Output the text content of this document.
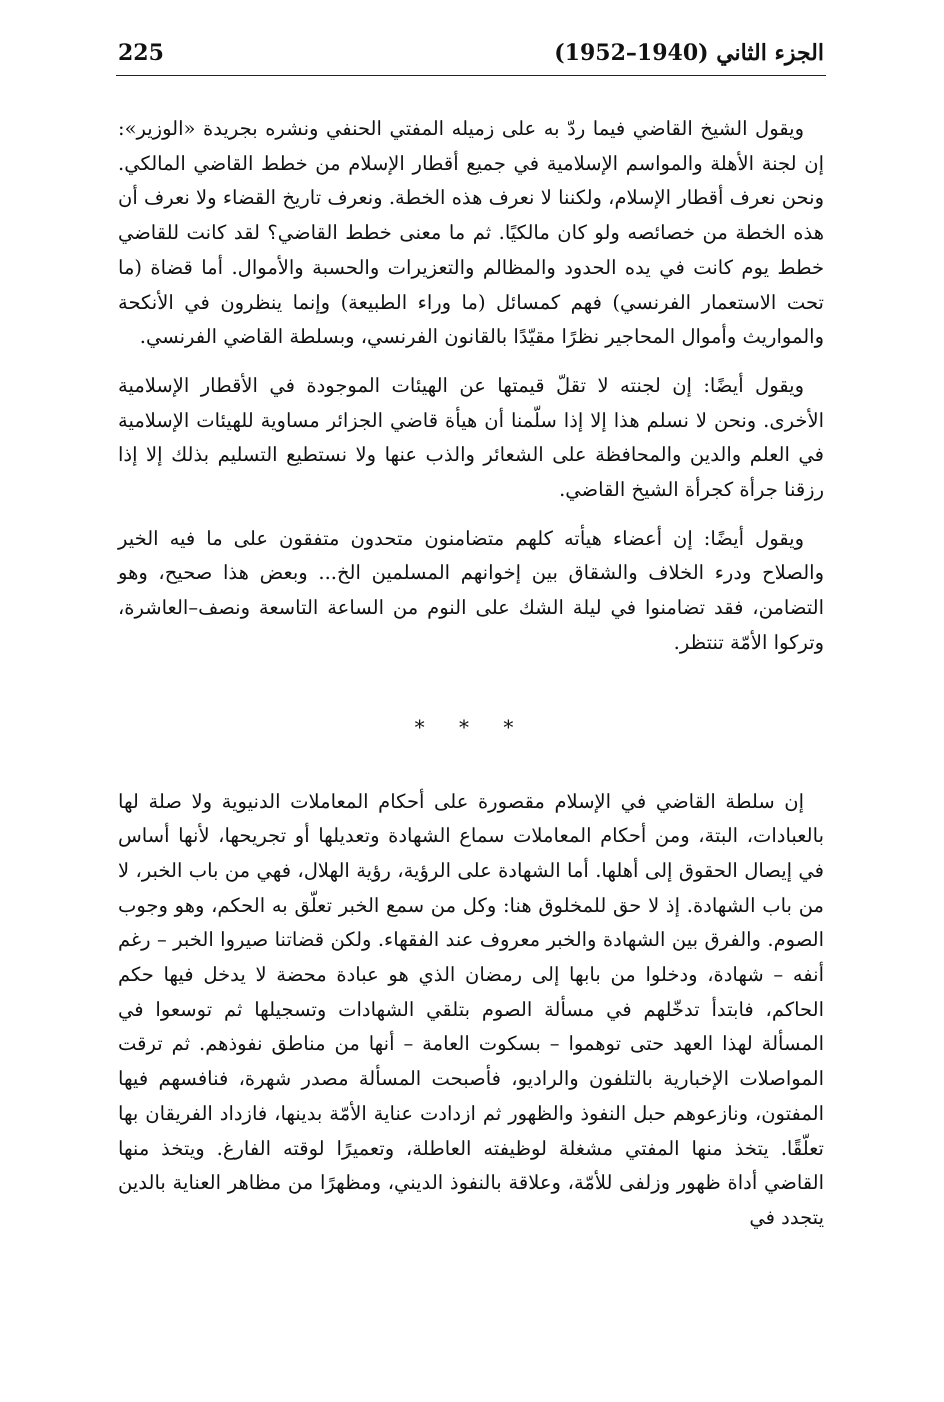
225	الجزء الثاني (1940–1952)

ويقول الشيخ القاضي فيما ردّ به على زميله المفتي الحنفي ونشره بجريدة «الوزير»: إن لجنة الأهلة والمواسم الإسلامية في جميع أقطار الإسلام من خطط القاضي المالكي. ونحن نعرف أقطار الإسلام، ولكننا لا نعرف هذه الخطة. ونعرف تاريخ القضاء ولا نعرف أن هذه الخطة من خصائصه ولو كان مالكيًا. ثم ما معنى خطط القاضي؟ لقد كانت للقاضي خطط يوم كانت في يده الحدود والمظالم والتعزيرات والحسبة والأموال. أما قضاة (ما تحت الاستعمار الفرنسي) فهم كمسائل (ما وراء الطبيعة) وإنما ينظرون في الأنكحة والمواريث وأموال المحاجير نظرًا مقيّدًا بالقانون الفرنسي، وبسلطة القاضي الفرنسي.

ويقول أيضًا: إن لجنته لا تقلّ قيمتها عن الهيئات الموجودة في الأقطار الإسلامية الأخرى. ونحن لا نسلم هذا إلا إذا سلّمنا أن هيأة قاضي الجزائر مساوية للهيئات الإسلامية في العلم والدين والمحافظة على الشعائر والذب عنها ولا نستطيع التسليم بذلك إلا إذا رزقنا جرأة كجرأة الشيخ القاضي.

ويقول أيضًا: إن أعضاء هيأته كلهم متضامنون متحدون متفقون على ما فيه الخير والصلاح ودرء الخلاف والشقاق بين إخوانهم المسلمين الخ... وبعض هذا صحيح، وهو التضامن، فقد تضامنوا في ليلة الشك على النوم من الساعة التاسعة ونصف–العاشرة، وتركوا الأمّة تنتظر.

* * *

إن سلطة القاضي في الإسلام مقصورة على أحكام المعاملات الدنيوية ولا صلة لها بالعبادات، البتة، ومن أحكام المعاملات سماع الشهادة وتعديلها أو تجريحها، لأنها أساس في إيصال الحقوق إلى أهلها. أما الشهادة على الرؤية، رؤية الهلال، فهي من باب الخبر، لا من باب الشهادة. إذ لا حق للمخلوق هنا: وكل من سمع الخبر تعلّق به الحكم، وهو وجوب الصوم. والفرق بين الشهادة والخبر معروف عند الفقهاء. ولكن قضاتنا صيروا الخبر – رغم أنفه – شهادة، ودخلوا من بابها إلى رمضان الذي هو عبادة محضة لا يدخل فيها حكم الحاكم، فابتدأ تدخّلهم في مسألة الصوم بتلقي الشهادات وتسجيلها ثم توسعوا في المسألة لهذا العهد حتى توهموا – بسكوت العامة – أنها من مناطق نفوذهم. ثم ترقت المواصلات الإخبارية بالتلفون والراديو، فأصبحت المسألة مصدر شهرة، فنافسهم فيها المفتون، ونازعوهم حبل النفوذ والظهور ثم ازدادت عناية الأمّة بدينها، فازداد الفريقان بها تعلّقًا. يتخذ منها المفتي مشغلة لوظيفته العاطلة، وتعميرًا لوقته الفارغ. ويتخذ منها القاضي أداة ظهور وزلفى للأمّة، وعلاقة بالنفوذ الديني، ومظهرًا من مظاهر العناية بالدين يتجدد في
